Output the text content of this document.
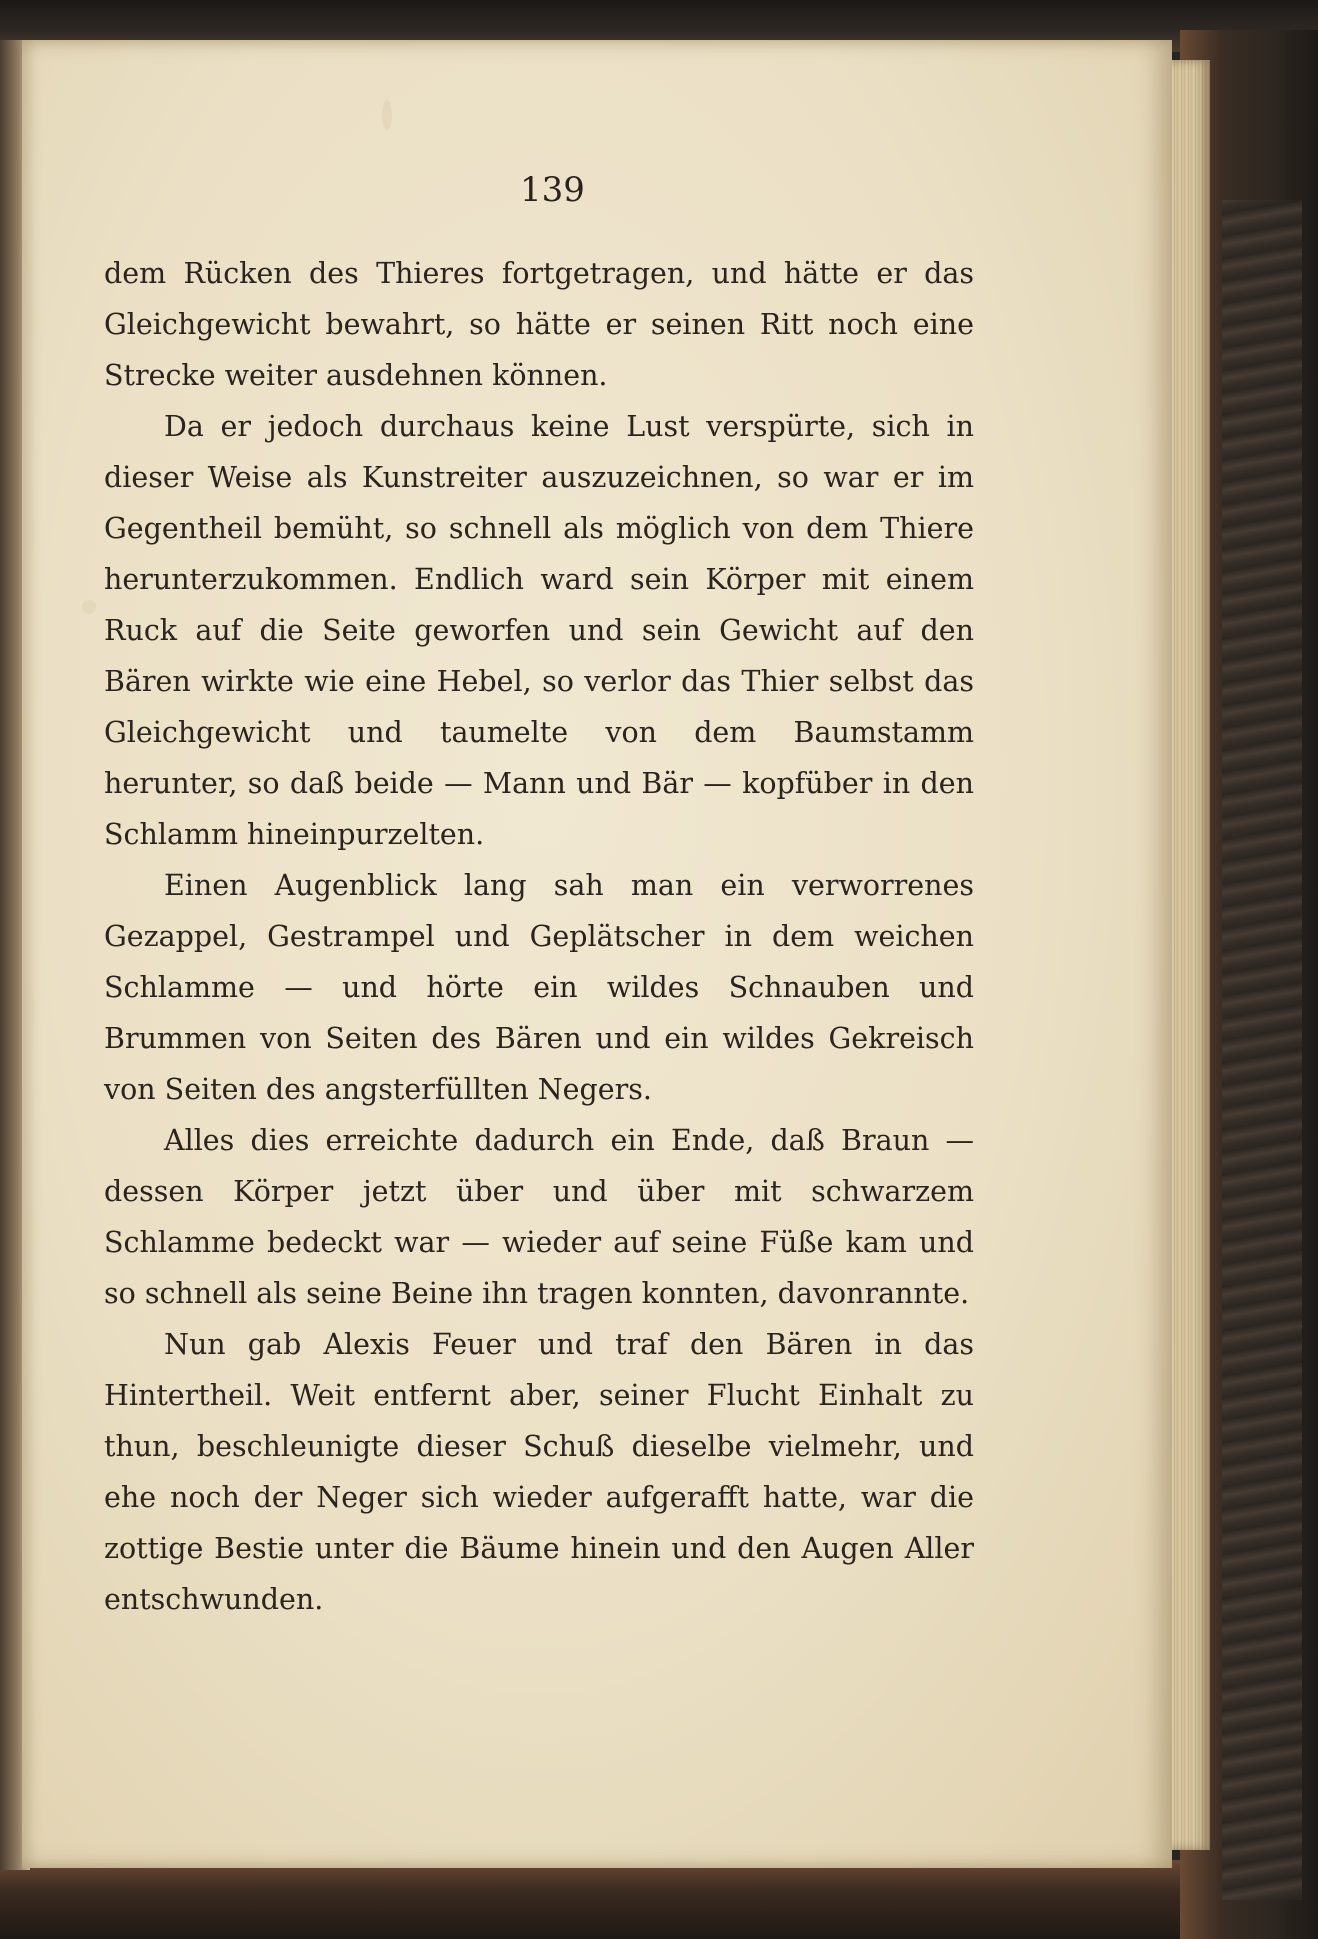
139

dem Rücken des Thieres fortgetragen, und hätte er das Gleichgewicht bewahrt, so hätte er seinen Ritt noch eine Strecke weiter ausdehnen können.

Da er jedoch durchaus keine Lust verspürte, sich in dieser Weise als Kunstreiter auszuzeichnen, so war er im Gegentheil bemüht, so schnell als möglich von dem Thiere herunterzukommen. Endlich ward sein Körper mit einem Ruck auf die Seite geworfen und sein Gewicht auf den Bären wirkte wie eine Hebel, so verlor das Thier selbst das Gleichgewicht und taumelte von dem Baumstamm herunter, so daß beide — Mann und Bär — kopfüber in den Schlamm hineinpurzelten.

Einen Augenblick lang sah man ein verworrenes Gezappel, Gestrampel und Geplätscher in dem weichen Schlamme — und hörte ein wildes Schnauben und Brummen von Seiten des Bären und ein wildes Gekreisch von Seiten des angsterfüllten Negers.

Alles dies erreichte dadurch ein Ende, daß Braun — dessen Körper jetzt über und über mit schwarzem Schlamme bedeckt war — wieder auf seine Füße kam und so schnell als seine Beine ihn tragen konnten, davonrannte.

Nun gab Alexis Feuer und traf den Bären in das Hintertheil. Weit entfernt aber, seiner Flucht Einhalt zu thun, beschleunigte dieser Schuß dieselbe vielmehr, und ehe noch der Neger sich wieder aufgerafft hatte, war die zottige Bestie unter die Bäume hinein und den Augen Aller entschwunden.
